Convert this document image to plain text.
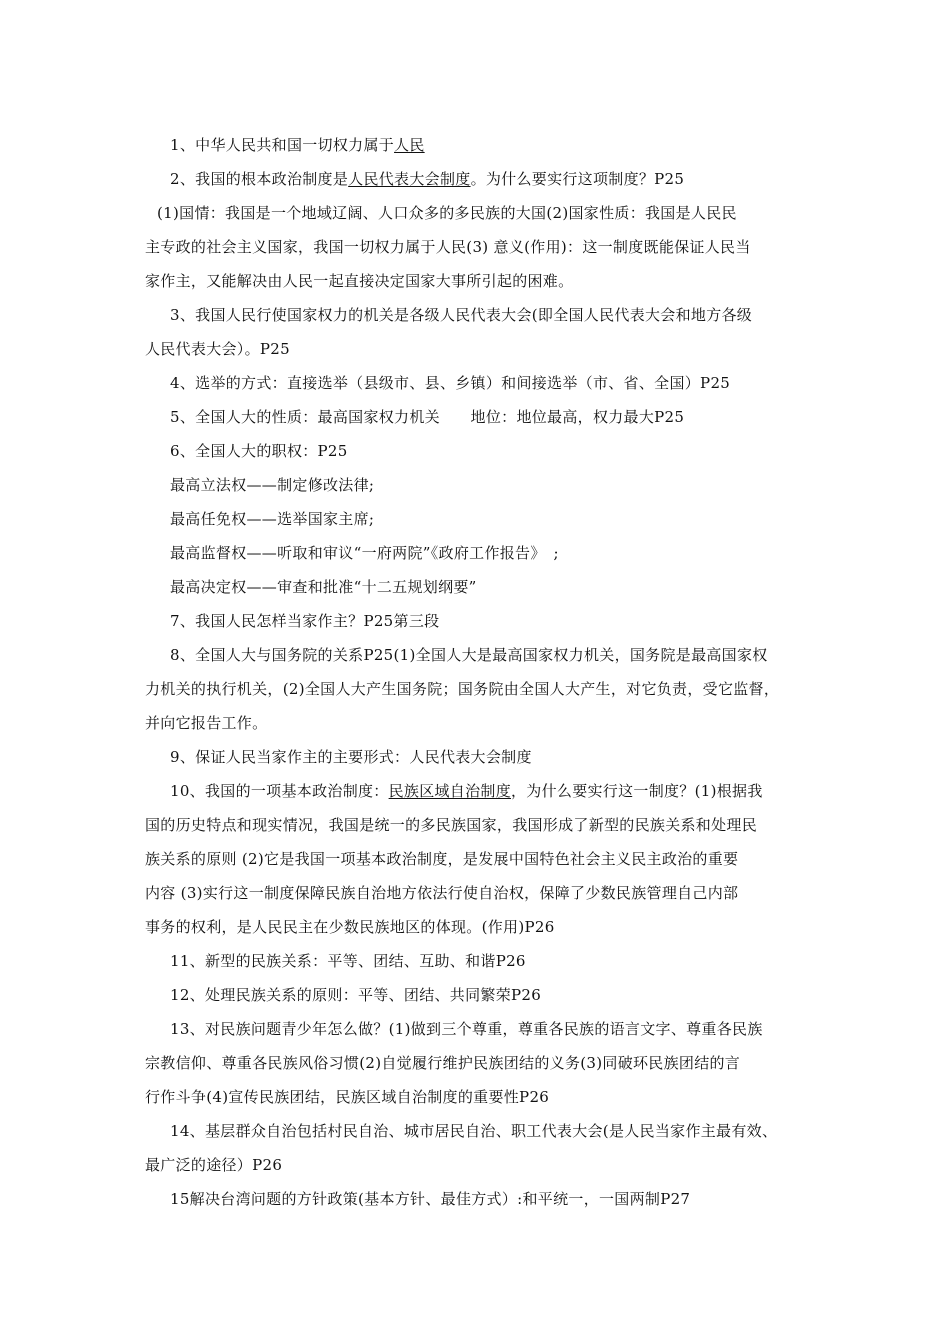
1、中华人民共和国一切权力属于人民
2、我国的根本政治制度是人民代表大会制度。为什么要实行这项制度？P25
(1)国情：我国是一个地域辽阔、人口众多的多民族的大国(2)国家性质：我国是人民民
主专政的社会主义国家，我国一切权力属于人民(3) 意义(作用)：这一制度既能保证人民当
家作主，又能解决由人民一起直接决定国家大事所引起的困难。
3、我国人民行使国家权力的机关是各级人民代表大会(即全国人民代表大会和地方各级
人民代表大会）。P25
4、选举的方式：直接选举（县级市、县、乡镇）和间接选举（市、省、全国）P25
5、全国人大的性质：最高国家权力机关　　地位：地位最高，权力最大P25
6、全国人大的职权：P25
最高立法权——制定修改法律;
最高任免权——选举国家主席;
最高监督权——听取和审议“一府两院”《政府工作报告》　;
最高决定权——审查和批准“十二五规划纲要”
7、我国人民怎样当家作主？P25第三段
8、全国人大与国务院的关系P25(1)全国人大是最高国家权力机关，国务院是最高国家权
力机关的执行机关，(2)全国人大产生国务院；国务院由全国人大产生，对它负责，受它监督，
并向它报告工作。
9、保证人民当家作主的主要形式：人民代表大会制度
10、我国的一项基本政治制度：民族区域自治制度，为什么要实行这一制度？(1)根据我
国的历史特点和现实情况，我国是统一的多民族国家，我国形成了新型的民族关系和处理民
族关系的原则 (2)它是我国一项基本政治制度，是发展中国特色社会主义民主政治的重要
内容 (3)实行这一制度保障民族自治地方依法行使自治权，保障了少数民族管理自己内部
事务的权利，是人民民主在少数民族地区的体现。(作用)P26
11、新型的民族关系：平等、团结、互助、和谐P26
12、处理民族关系的原则：平等、团结、共同繁荣P26
13、对民族问题青少年怎么做？(1)做到三个尊重，尊重各民族的语言文字、尊重各民族
宗教信仰、尊重各民族风俗习惯(2)自觉履行维护民族团结的义务(3)同破环民族团结的言
行作斗争(4)宣传民族团结，民族区域自治制度的重要性P26
14、基层群众自治包括村民自治、城市居民自治、职工代表大会(是人民当家作主最有效、
最广泛的途径）P26
15解决台湾问题的方针政策(基本方针、最佳方式）:和平统一，一国两制P27
